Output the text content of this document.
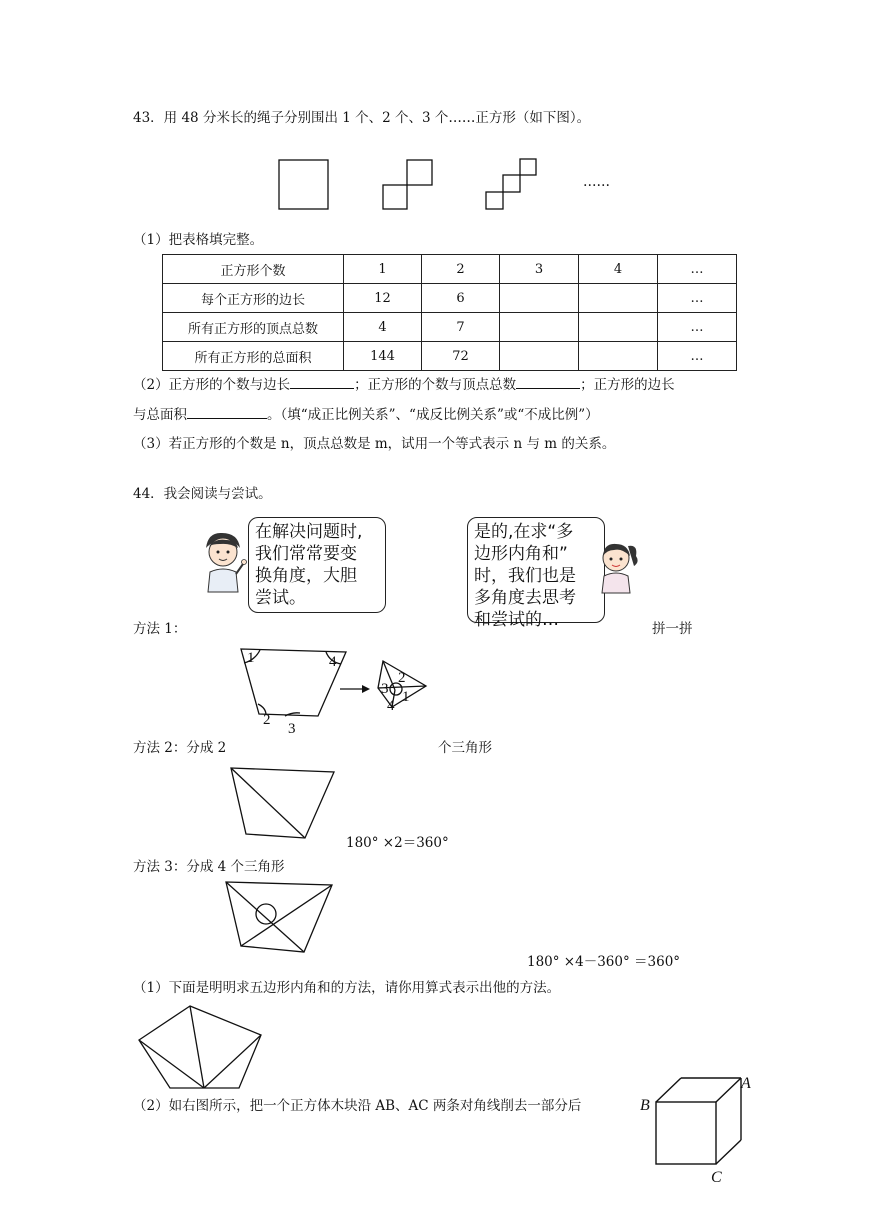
43．用 48 分米长的绳子分别围出 1 个、2 个、3 个……正方形（如下图）。
……
（1）把表格填完整。
正方形个数	1	2	3	4	…
每个正方形的边长	12	6			…
所有正方形的顶点总数	4	7			…
所有正方形的总面积	144	72			…
（2）正方形的个数与边长	；正方形的个数与顶点总数	；正方形的边长
与总面积	。（填“成正比例关系”、“成反比例关系”或“不成比例”）
（3）若正方形的个数是 n，顶点总数是 m，试用一个等式表示 n 与 m 的关系。
44．我会阅读与尝试。
在解决问题时,
我们常常要变
换角度，大胆
尝试。
是的,在求“多
边形内角和”
时，我们也是
多角度去思考
和尝试的…
方法 1：	拼一拼
1	4
2
3
2
3 1
4
方法 2：分成 2	个三角形
180° ×2＝360°
方法 3：分成 4 个三角形
180° ×4－360° ＝360°
（1）下面是明明求五边形内角和的方法，请你用算式表示出他的方法。
（2）如右图所示，把一个正方体木块沿 AB、AC 两条对角线削去一部分后
A
B
C
